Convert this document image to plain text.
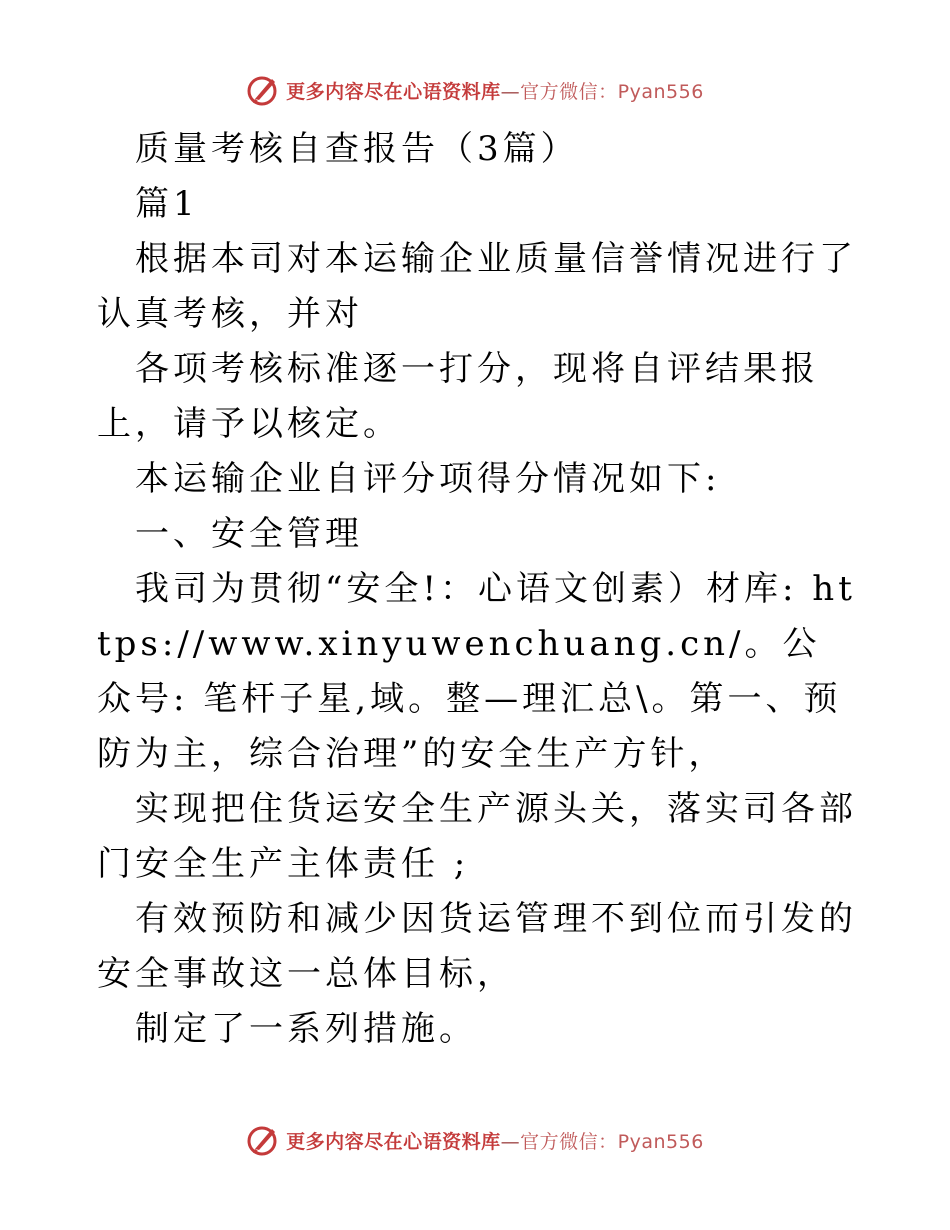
更多内容尽在心语资料库—官方微信：Pyan556

质量考核自查报告（3篇）

篇1

根据本司对本运输企业质量信誉情况进行了认真考核，并对

各项考核标准逐一打分，现将自评结果报上，请予以核定。

本运输企业自评分项得分情况如下:

一、安全管理

我司为贯彻“安全!：心语文创素）材库: https://www.xinyuwenchuang.cn/。公众号: 笔杆子星,域。整—理汇总\。第一、预防为主，综合治理”的安全生产方针，

实现把住货运安全生产源头关，落实司各部门安全生产主体责任 ;

有效预防和减少因货运管理不到位而引发的安全事故这一总体目标，

制定了一系列措施。

更多内容尽在心语资料库—官方微信：Pyan556
